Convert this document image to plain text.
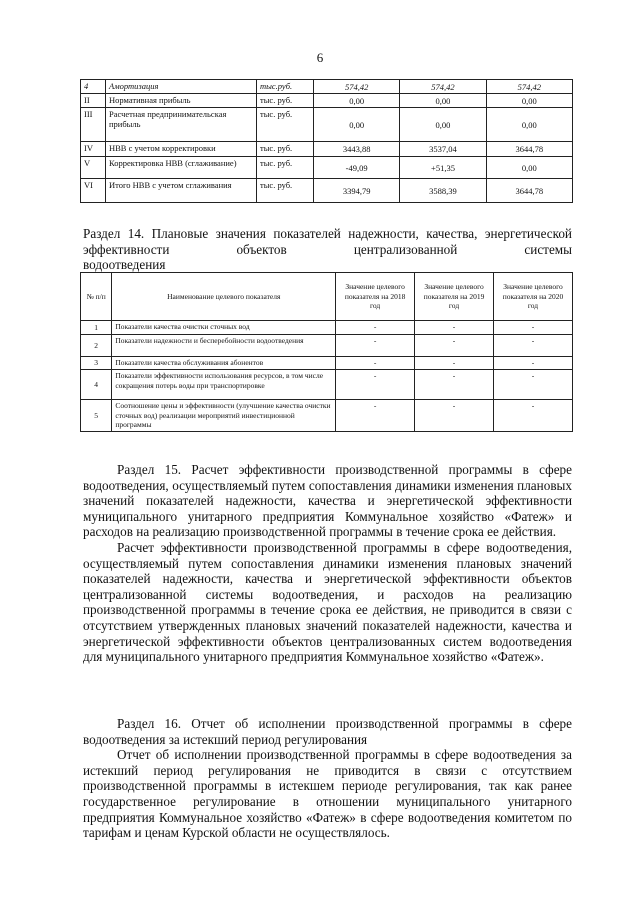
6
4	Амортизация	тыс.руб.	574,42	574,42	574,42
II	Нормативная прибыль	тыс. руб.	0,00	0,00	0,00
III	Расчетная предпринимательская прибыль	тыс. руб.	0,00	0,00	0,00
IV	НВВ с учетом корректировки	тыс. руб.	3443,88	3537,04	3644,78
V	Корректировка НВВ (сглаживание)	тыс. руб.	-49,09	+51,35	0,00
VI	Итого НВВ с учетом сглаживания	тыс. руб.	3394,79	3588,39	3644,78
Раздел 14. Плановые значения показателей надежности, качества, энергетической эффективности объектов централизованной системы
водоотведения
№ п/п	Наименование целевого показателя	Значение целевого показателя на 2018 год	Значение целевого показателя на 2019 год	Значение целевого показателя на 2020 год
1	Показатели качества очистки сточных вод	-	-	-
2	Показатели надежности и бесперебойности водоотведения	-	-	-
3	Показатели качества обслуживания абонентов	-	-	-
4	Показатели эффективности использования ресурсов, в том числе сокращения потерь воды при транспортировке	-	-	-
5	Соотношение цены и эффективности (улучшение качества очистки сточных вод) реализации мероприятий инвестиционной программы	-	-	-

Раздел 15. Расчет эффективности производственной программы в сфере водоотведения, осуществляемый путем сопоставления динамики изменения плановых значений показателей надежности, качества и энергетической эффективности муниципального унитарного предприятия Коммунальное хозяйство «Фатеж» и расходов на реализацию производственной программы в течение срока ее действия.

Расчет эффективности производственной программы в сфере водоотведения, осуществляемый путем сопоставления динамики изменения плановых значений показателей надежности, качества и энергетической эффективности объектов централизованной системы водоотведения, и расходов на реализацию производственной программы в течение срока ее действия, не приводится в связи с отсутствием утвержденных плановых значений показателей надежности, качества и энергетической эффективности объектов централизованных систем водоотведения для муниципального унитарного предприятия Коммунальное хозяйство «Фатеж».

Раздел 16. Отчет об исполнении производственной программы в сфере водоотведения за истекший период регулирования

Отчет об исполнении производственной программы в сфере водоотведения за истекший период регулирования не приводится в связи с отсутствием производственной программы в истекшем периоде регулирования, так как ранее государственное регулирование в отношении муниципального унитарного предприятия Коммунальное хозяйство «Фатеж» в сфере водоотведения комитетом по тарифам и ценам Курской области не осуществлялось.
